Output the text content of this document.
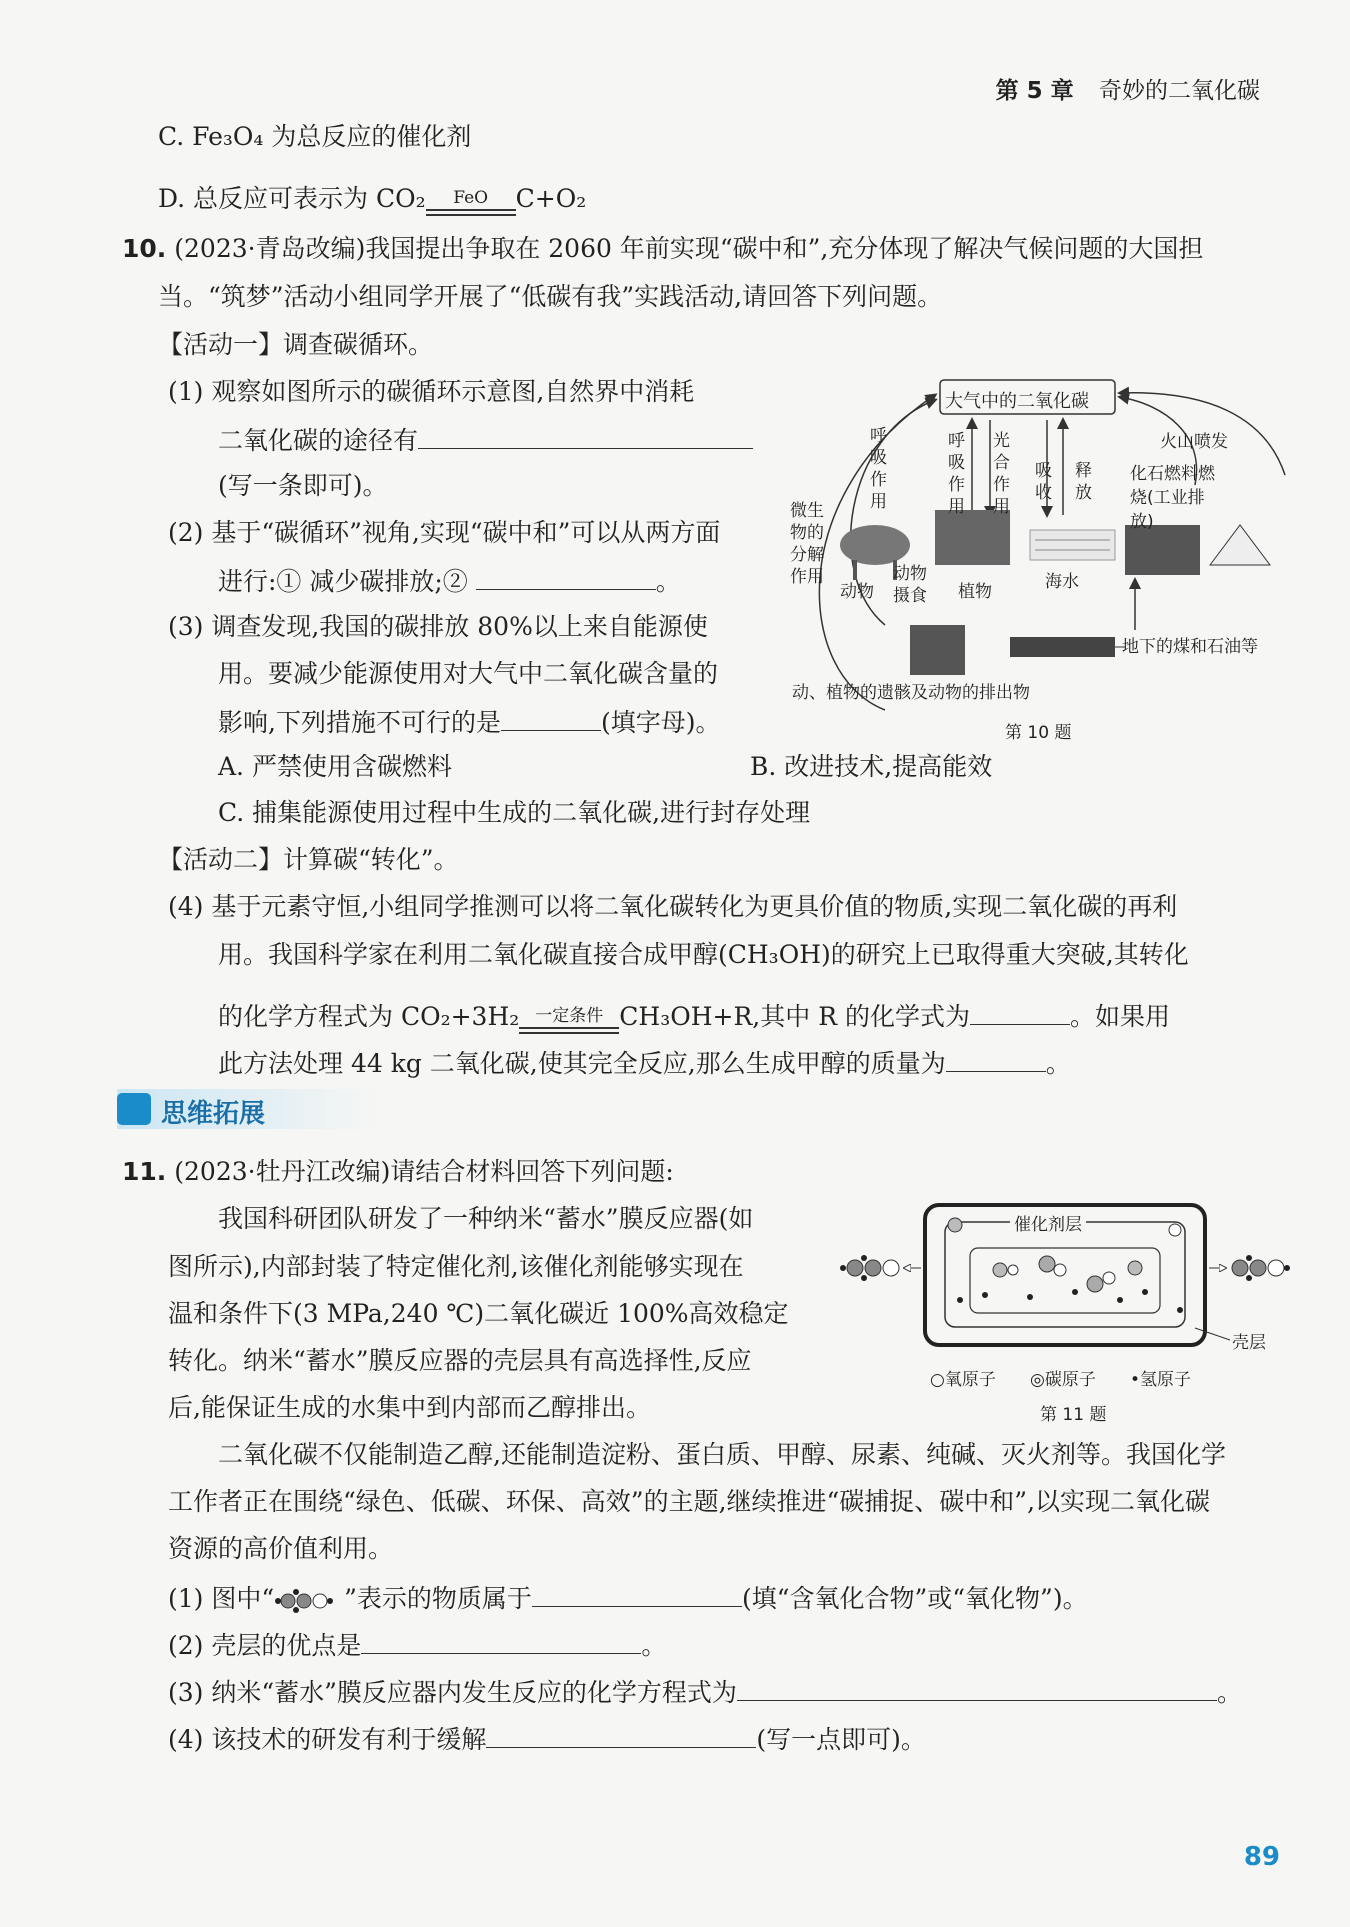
第 5 章 奇妙的二氧化碳
C. Fe₃O₄ 为总反应的催化剂
D. 总反应可表示为 CO₂	FeO	C+O₂
10. (2023·青岛改编)我国提出争取在 2060 年前实现“碳中和”,充分体现了解决气候问题的大国担
当。“筑梦”活动小组同学开展了“低碳有我”实践活动,请回答下列问题。
【活动一】调查碳循环。
(1) 观察如图所示的碳循环示意图,自然界中消耗
二氧化碳的途径有
(写一条即可)。
(2) 基于“碳循环”视角,实现“碳中和”可以从两方面
进行:① 减少碳排放;②	。
(3) 调查发现,我国的碳排放 80%以上来自能源使
用。要减少能源使用对大气中二氧化碳含量的
影响,下列措施不可行的是	(填字母)。
A. 严禁使用含碳燃料	B. 改进技术,提高能效
C. 捕集能源使用过程中生成的二氧化碳,进行封存处理
【活动二】计算碳“转化”。
(4) 基于元素守恒,小组同学推测可以将二氧化碳转化为更具价值的物质,实现二氧化碳的再利
用。我国科学家在利用二氧化碳直接合成甲醇(CH₃OH)的研究上已取得重大突破,其转化
的化学方程式为 CO₂+3H₂ 一定条件 CH₃OH+R,其中 R 的化学式为	。如果用
此方法处理 44 kg 二氧化碳,使其完全反应,那么生成甲醇的质量为	。
大气中的二氧化碳
呼吸作用
微生物的分解作用
呼吸作用
光合作用
吸收
释放
火山喷发
化石燃料燃烧(工业排放)
动物
动物摄食	植物	海水
动、植物的遗骸及动物的排出物
地下的煤和石油等
第 10 题
思维拓展
11. (2023·牡丹江改编)请结合材料回答下列问题:
我国科研团队研发了一种纳米“蓄水”膜反应器(如
图所示),内部封装了特定催化剂,该催化剂能够实现在
温和条件下(3 MPa,240 ℃)二氧化碳近 100%高效稳定
转化。纳米“蓄水”膜反应器的壳层具有高选择性,反应
后,能保证生成的水集中到内部而乙醇排出。
二氧化碳不仅能制造乙醇,还能制造淀粉、蛋白质、甲醇、尿素、纯碱、灭火剂等。我国化学
工作者正在围绕“绿色、低碳、环保、高效”的主题,继续推进“碳捕捉、碳中和”,以实现二氧化碳
资源的高价值利用。
(1) 图中“	”表示的物质属于	(填“含氧化合物”或“氧化物”)。
(2) 壳层的优点是	。
(3) 纳米“蓄水”膜反应器内发生反应的化学方程式为	。
(4) 该技术的研发有利于缓解	(写一点即可)。
催化剂层
壳层
○氧原子 ◎碳原子 •氢原子
第 11 题
89
